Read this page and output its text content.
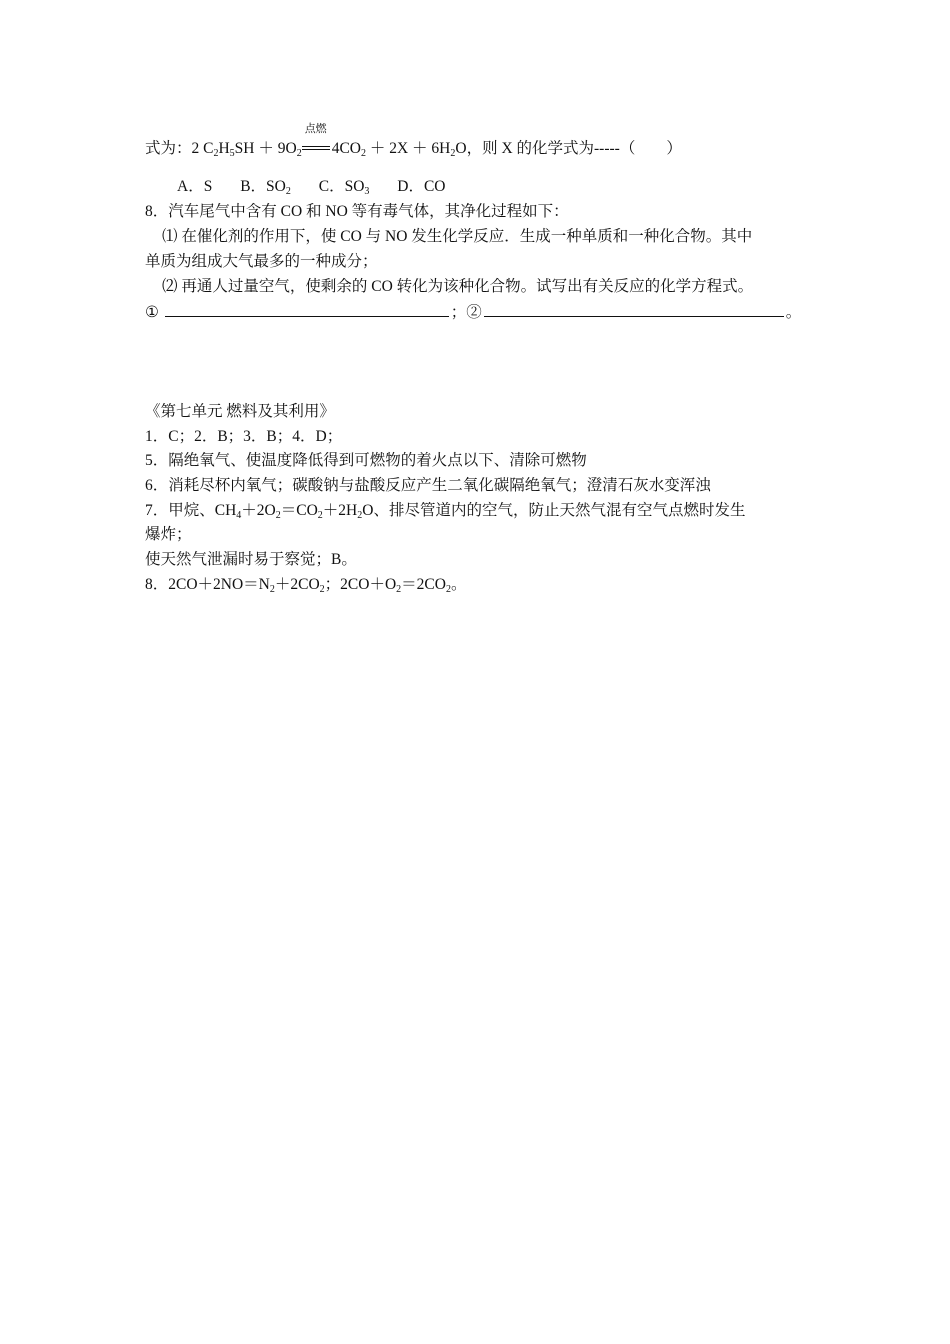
式为：2 $C_2H_5SH + 9O_2$
点燃
$4CO_2 + 2X + 6H_2O$，则 X 的化学式为-----（　　）
A．S B．$SO_2$ C．$SO_3$ D．CO
8．汽车尾气中含有 CO 和 NO 等有毒气体，其净化过程如下：
⑴ 在催化剂的作用下，使 CO 与 NO 发生化学反应．生成一种单质和一种化合物。其中
单质为组成大气最多的一种成分；
⑵ 再通人过量空气，使剩余的 CO 转化为该种化合物。试写出有关反应的化学方程式。
①	；②	。
《第七单元 燃料及其利用》
1．C；2．B；3．B；4．D；
5．隔绝氧气、使温度降低得到可燃物的着火点以下、清除可燃物
6．消耗尽杯内氧气；碳酸钠与盐酸反应产生二氧化碳隔绝氧气；澄清石灰水变浑浊
7．甲烷、$CH_4+2O_2=CO_2+2H_2O$、排尽管道内的空气，防止天然气混有空气点燃时发生
爆炸；
使天然气泄漏时易于察觉；B。
8．$2CO+2NO=N_2+2CO_2$；$2CO+O_2=2CO_2$。
